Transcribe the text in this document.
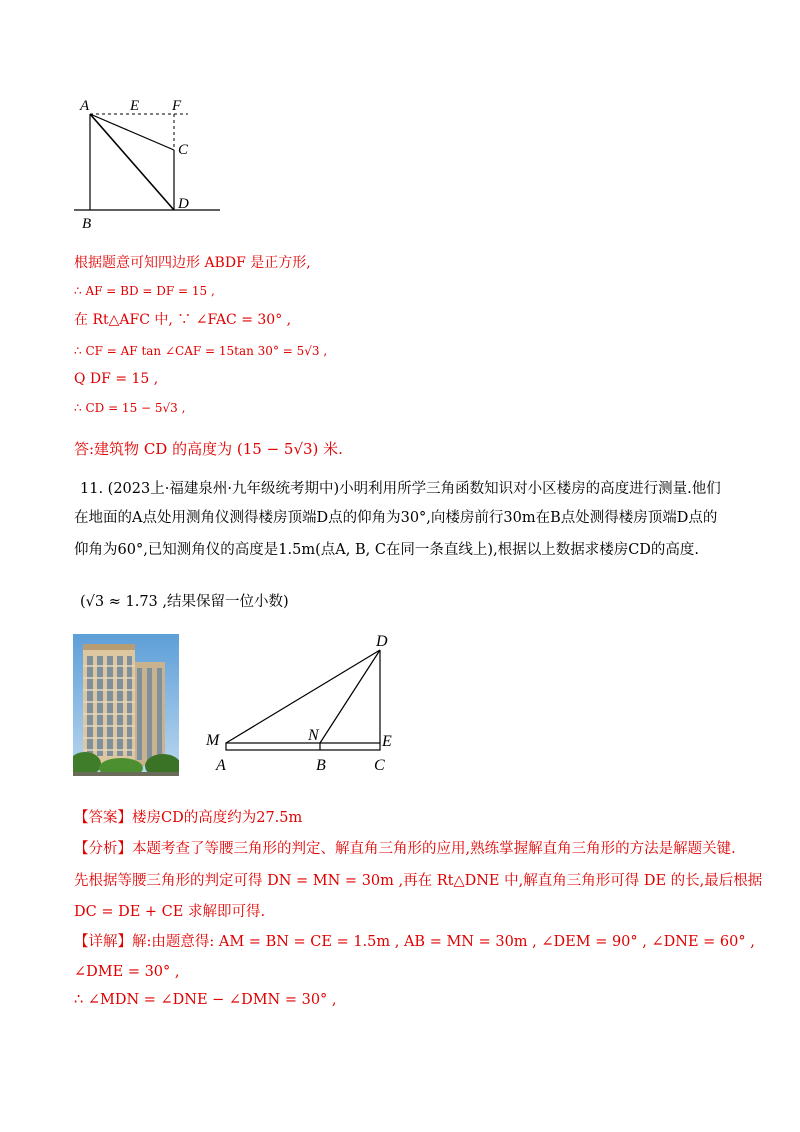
A	E F
C
B
D
根据题意可知四边形 ABDF 是正方形,
∴ AF = BD = DF = 15 ,
在 Rt△AFC 中, ∵ ∠FAC = 30° ,
∴ CF = AF tan ∠CAF = 15tan 30° = 5√3 ,
Q DF = 15 ,
∴ CD = 15 − 5√3 ,
答:建筑物 CD 的高度为 (15 − 5√3) 米.
11. (2023上·福建泉州·九年级统考期中)小明利用所学三角函数知识对小区楼房的高度进行测量.他们
在地面的A点处用测角仪测得楼房顶端D点的仰角为30°,向楼房前行30m在B点处测得楼房顶端D点的
仰角为60°,已知测角仪的高度是1.5m(点A, B, C在同一条直线上),根据以上数据求楼房CD的高度.
(√3 ≈ 1.73 ,结果保留一位小数)
D
M	N	E
A	B	C
【答案】楼房CD的高度约为27.5m
【分析】本题考查了等腰三角形的判定、解直角三角形的应用,熟练掌握解直角三角形的方法是解题关键.
先根据等腰三角形的判定可得 DN = MN = 30m ,再在 Rt△DNE 中,解直角三角形可得 DE 的长,最后根据
DC = DE + CE 求解即可得.
【详解】解:由题意得: AM = BN = CE = 1.5m , AB = MN = 30m , ∠DEM = 90° , ∠DNE = 60° ,
∠DME = 30° ,
∴ ∠MDN = ∠DNE − ∠DMN = 30° ,
